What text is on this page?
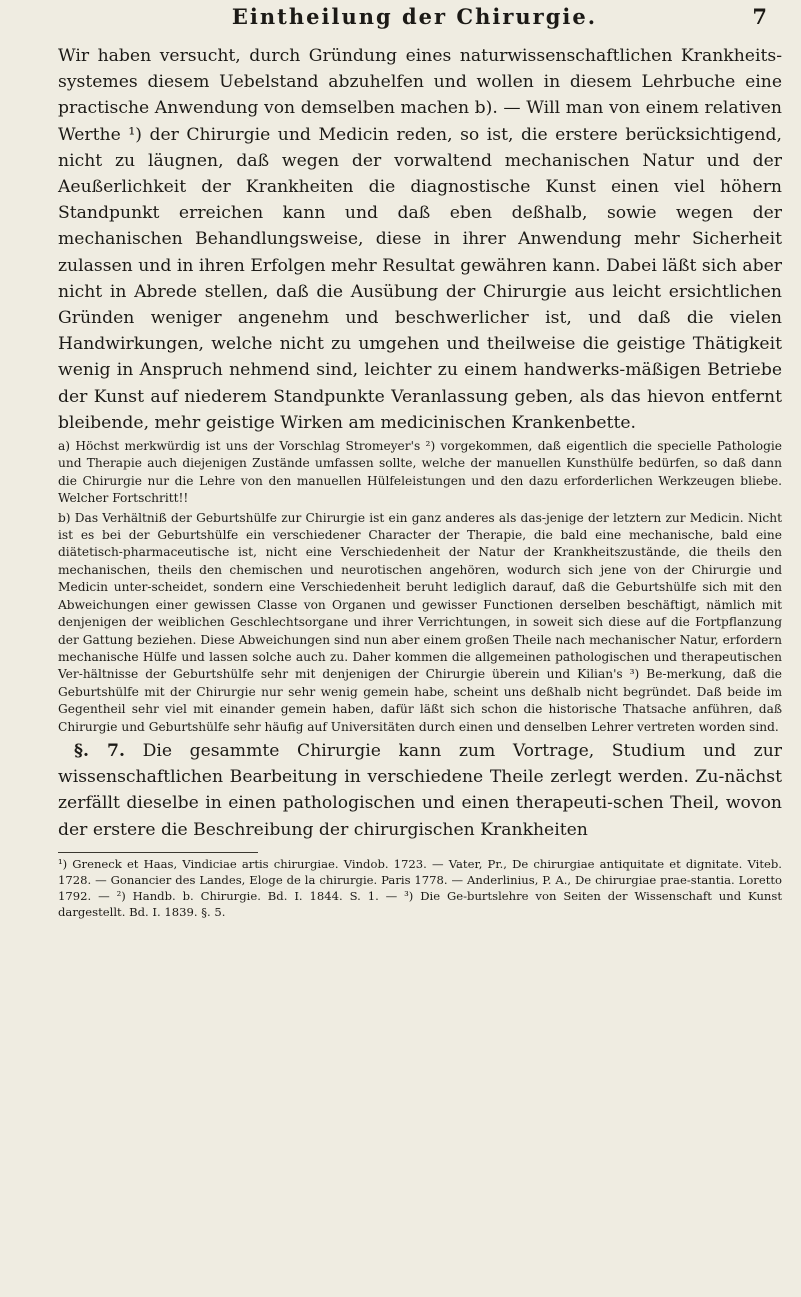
Eintheilung der Chirurgie.	7

Wir haben versucht, durch Gründung eines naturwissenschaftlichen Krankheits-systemes diesem Uebelstand abzuhelfen und wollen in diesem Lehrbuche eine practische Anwendung von demselben machen b). — Will man von einem relativen Werthe ¹) der Chirurgie und Medicin reden, so ist, die erstere berücksichtigend, nicht zu läugnen, daß wegen der vorwaltend mechanischen Natur und der Aeußerlichkeit der Krankheiten die diagnostische Kunst einen viel höhern Standpunkt erreichen kann und daß eben deßhalb, sowie wegen der mechanischen Behandlungsweise, diese in ihrer Anwendung mehr Sicherheit zulassen und in ihren Erfolgen mehr Resultat gewähren kann. Dabei läßt sich aber nicht in Abrede stellen, daß die Ausübung der Chirurgie aus leicht ersichtlichen Gründen weniger angenehm und beschwerlicher ist, und daß die vielen Handwirkungen, welche nicht zu umgehen und theilweise die geistige Thätigkeit wenig in Anspruch nehmend sind, leichter zu einem handwerks-mäßigen Betriebe der Kunst auf niederem Standpunkte Veranlassung geben, als das hievon entfernt bleibende, mehr geistige Wirken am medicinischen Krankenbette.

a) Höchst merkwürdig ist uns der Vorschlag Stromeyer's ²) vorgekommen, daß eigentlich die specielle Pathologie und Therapie auch diejenigen Zustände umfassen sollte, welche der manuellen Kunsthülfe bedürfen, so daß dann die Chirurgie nur die Lehre von den manuellen Hülfeleistungen und den dazu erforderlichen Werkzeugen bliebe. Welcher Fortschritt!!

b) Das Verhältniß der Geburtshülfe zur Chirurgie ist ein ganz anderes als das-jenige der letztern zur Medicin. Nicht ist es bei der Geburtshülfe ein verschiedener Character der Therapie, die bald eine mechanische, bald eine diätetisch-pharmaceutische ist, nicht eine Verschiedenheit der Natur der Krankheitszustände, die theils den mechanischen, theils den chemischen und neurotischen angehören, wodurch sich jene von der Chirurgie und Medicin unter-scheidet, sondern eine Verschiedenheit beruht lediglich darauf, daß die Geburtshülfe sich mit den Abweichungen einer gewissen Classe von Organen und gewisser Functionen derselben beschäftigt, nämlich mit denjenigen der weiblichen Geschlechtsorgane und ihrer Verrichtungen, in soweit sich diese auf die Fortpflanzung der Gattung beziehen. Diese Abweichungen sind nun aber einem großen Theile nach mechanischer Natur, erfordern mechanische Hülfe und lassen solche auch zu. Daher kommen die allgemeinen pathologischen und therapeutischen Ver-hältnisse der Geburtshülfe sehr mit denjenigen der Chirurgie überein und Kilian's ³) Be-merkung, daß die Geburtshülfe mit der Chirurgie nur sehr wenig gemein habe, scheint uns deßhalb nicht begründet. Daß beide im Gegentheil sehr viel mit einander gemein haben, dafür läßt sich schon die historische Thatsache anführen, daß Chirurgie und Geburtshülfe sehr häufig auf Universitäten durch einen und denselben Lehrer vertreten worden sind.

§. 7. Die gesammte Chirurgie kann zum Vortrage, Studium und zur wissenschaftlichen Bearbeitung in verschiedene Theile zerlegt werden. Zu-nächst zerfällt dieselbe in einen pathologischen und einen therapeuti-schen Theil, wovon der erstere die Beschreibung der chirurgischen Krankheiten

¹) Greneck et Haas, Vindiciae artis chirurgiae. Vindob. 1723. — Vater, Pr., De chirurgiae antiquitate et dignitate. Viteb. 1728. — Gonancier des Landes, Eloge de la chirurgie. Paris 1778. — Anderlinius, P. A., De chirurgiae prae-stantia. Loretto 1792. — ²) Handb. b. Chirurgie. Bd. I. 1844. S. 1. — ³) Die Ge-burtslehre von Seiten der Wissenschaft und Kunst dargestellt. Bd. I. 1839. §. 5.
